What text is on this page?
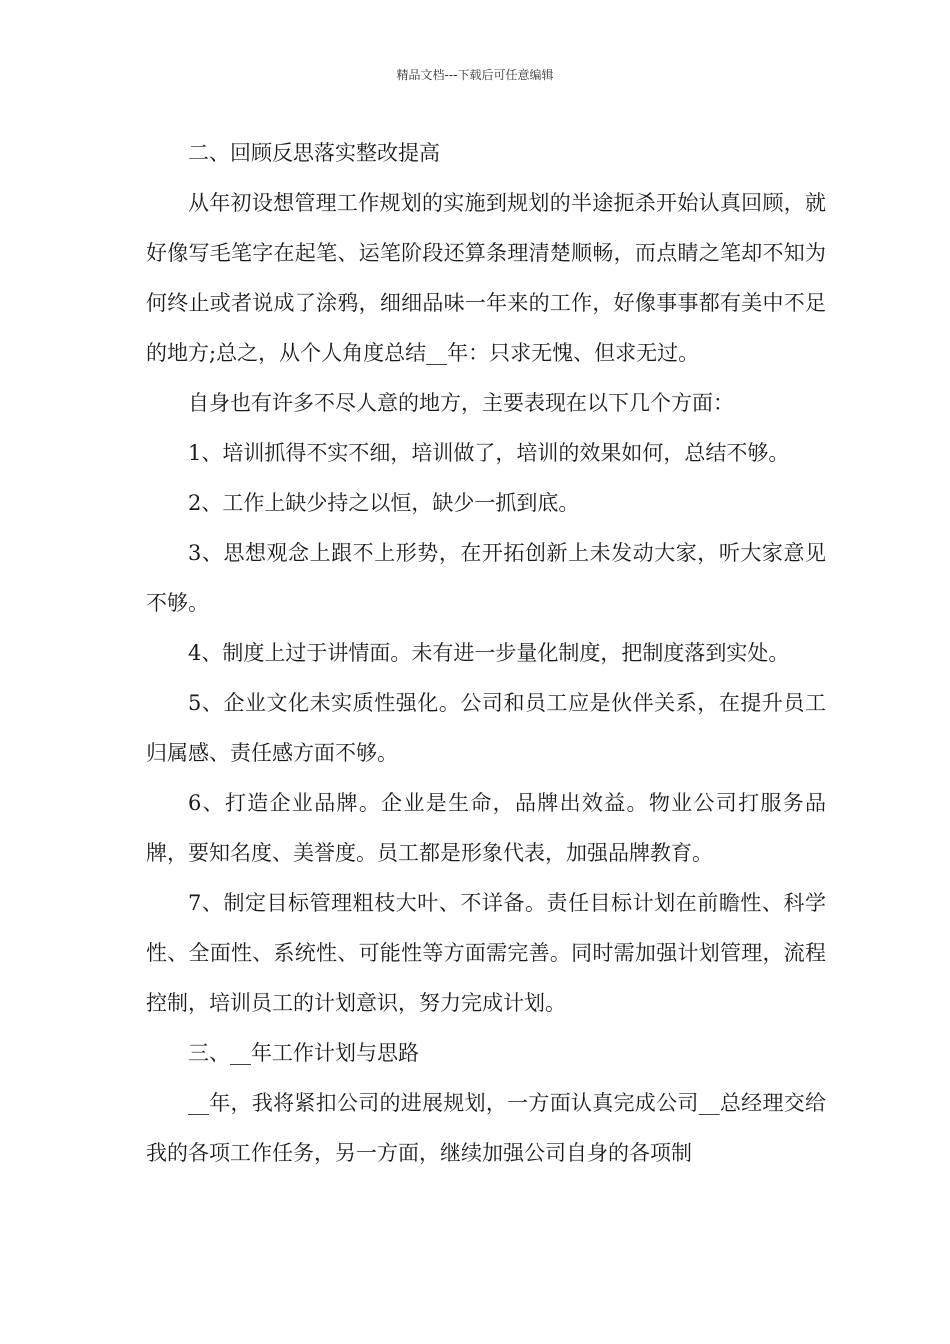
精品文档---下载后可任意编辑

二、回顾反思落实整改提高

从年初设想管理工作规划的实施到规划的半途扼杀开始认真回顾，就好像写毛笔字在起笔、运笔阶段还算条理清楚顺畅，而点睛之笔却不知为何终止或者说成了涂鸦，细细品味一年来的工作，好像事事都有美中不足的地方;总之，从个人角度总结__年：只求无愧、但求无过。

自身也有许多不尽人意的地方，主要表现在以下几个方面：

1、培训抓得不实不细，培训做了，培训的效果如何，总结不够。

2、工作上缺少持之以恒，缺少一抓到底。

3、思想观念上跟不上形势，在开拓创新上未发动大家，听大家意见不够。

4、制度上过于讲情面。未有进一步量化制度，把制度落到实处。

5、企业文化未实质性强化。公司和员工应是伙伴关系，在提升员工归属感、责任感方面不够。

6、打造企业品牌。企业是生命，品牌出效益。物业公司打服务品牌，要知名度、美誉度。员工都是形象代表，加强品牌教育。

7、制定目标管理粗枝大叶、不详备。责任目标计划在前瞻性、科学性、全面性、系统性、可能性等方面需完善。同时需加强计划管理，流程控制，培训员工的计划意识，努力完成计划。

三、__年工作计划与思路

__年，我将紧扣公司的进展规划，一方面认真完成公司__总经理交给我的各项工作任务，另一方面，继续加强公司自身的各项制
